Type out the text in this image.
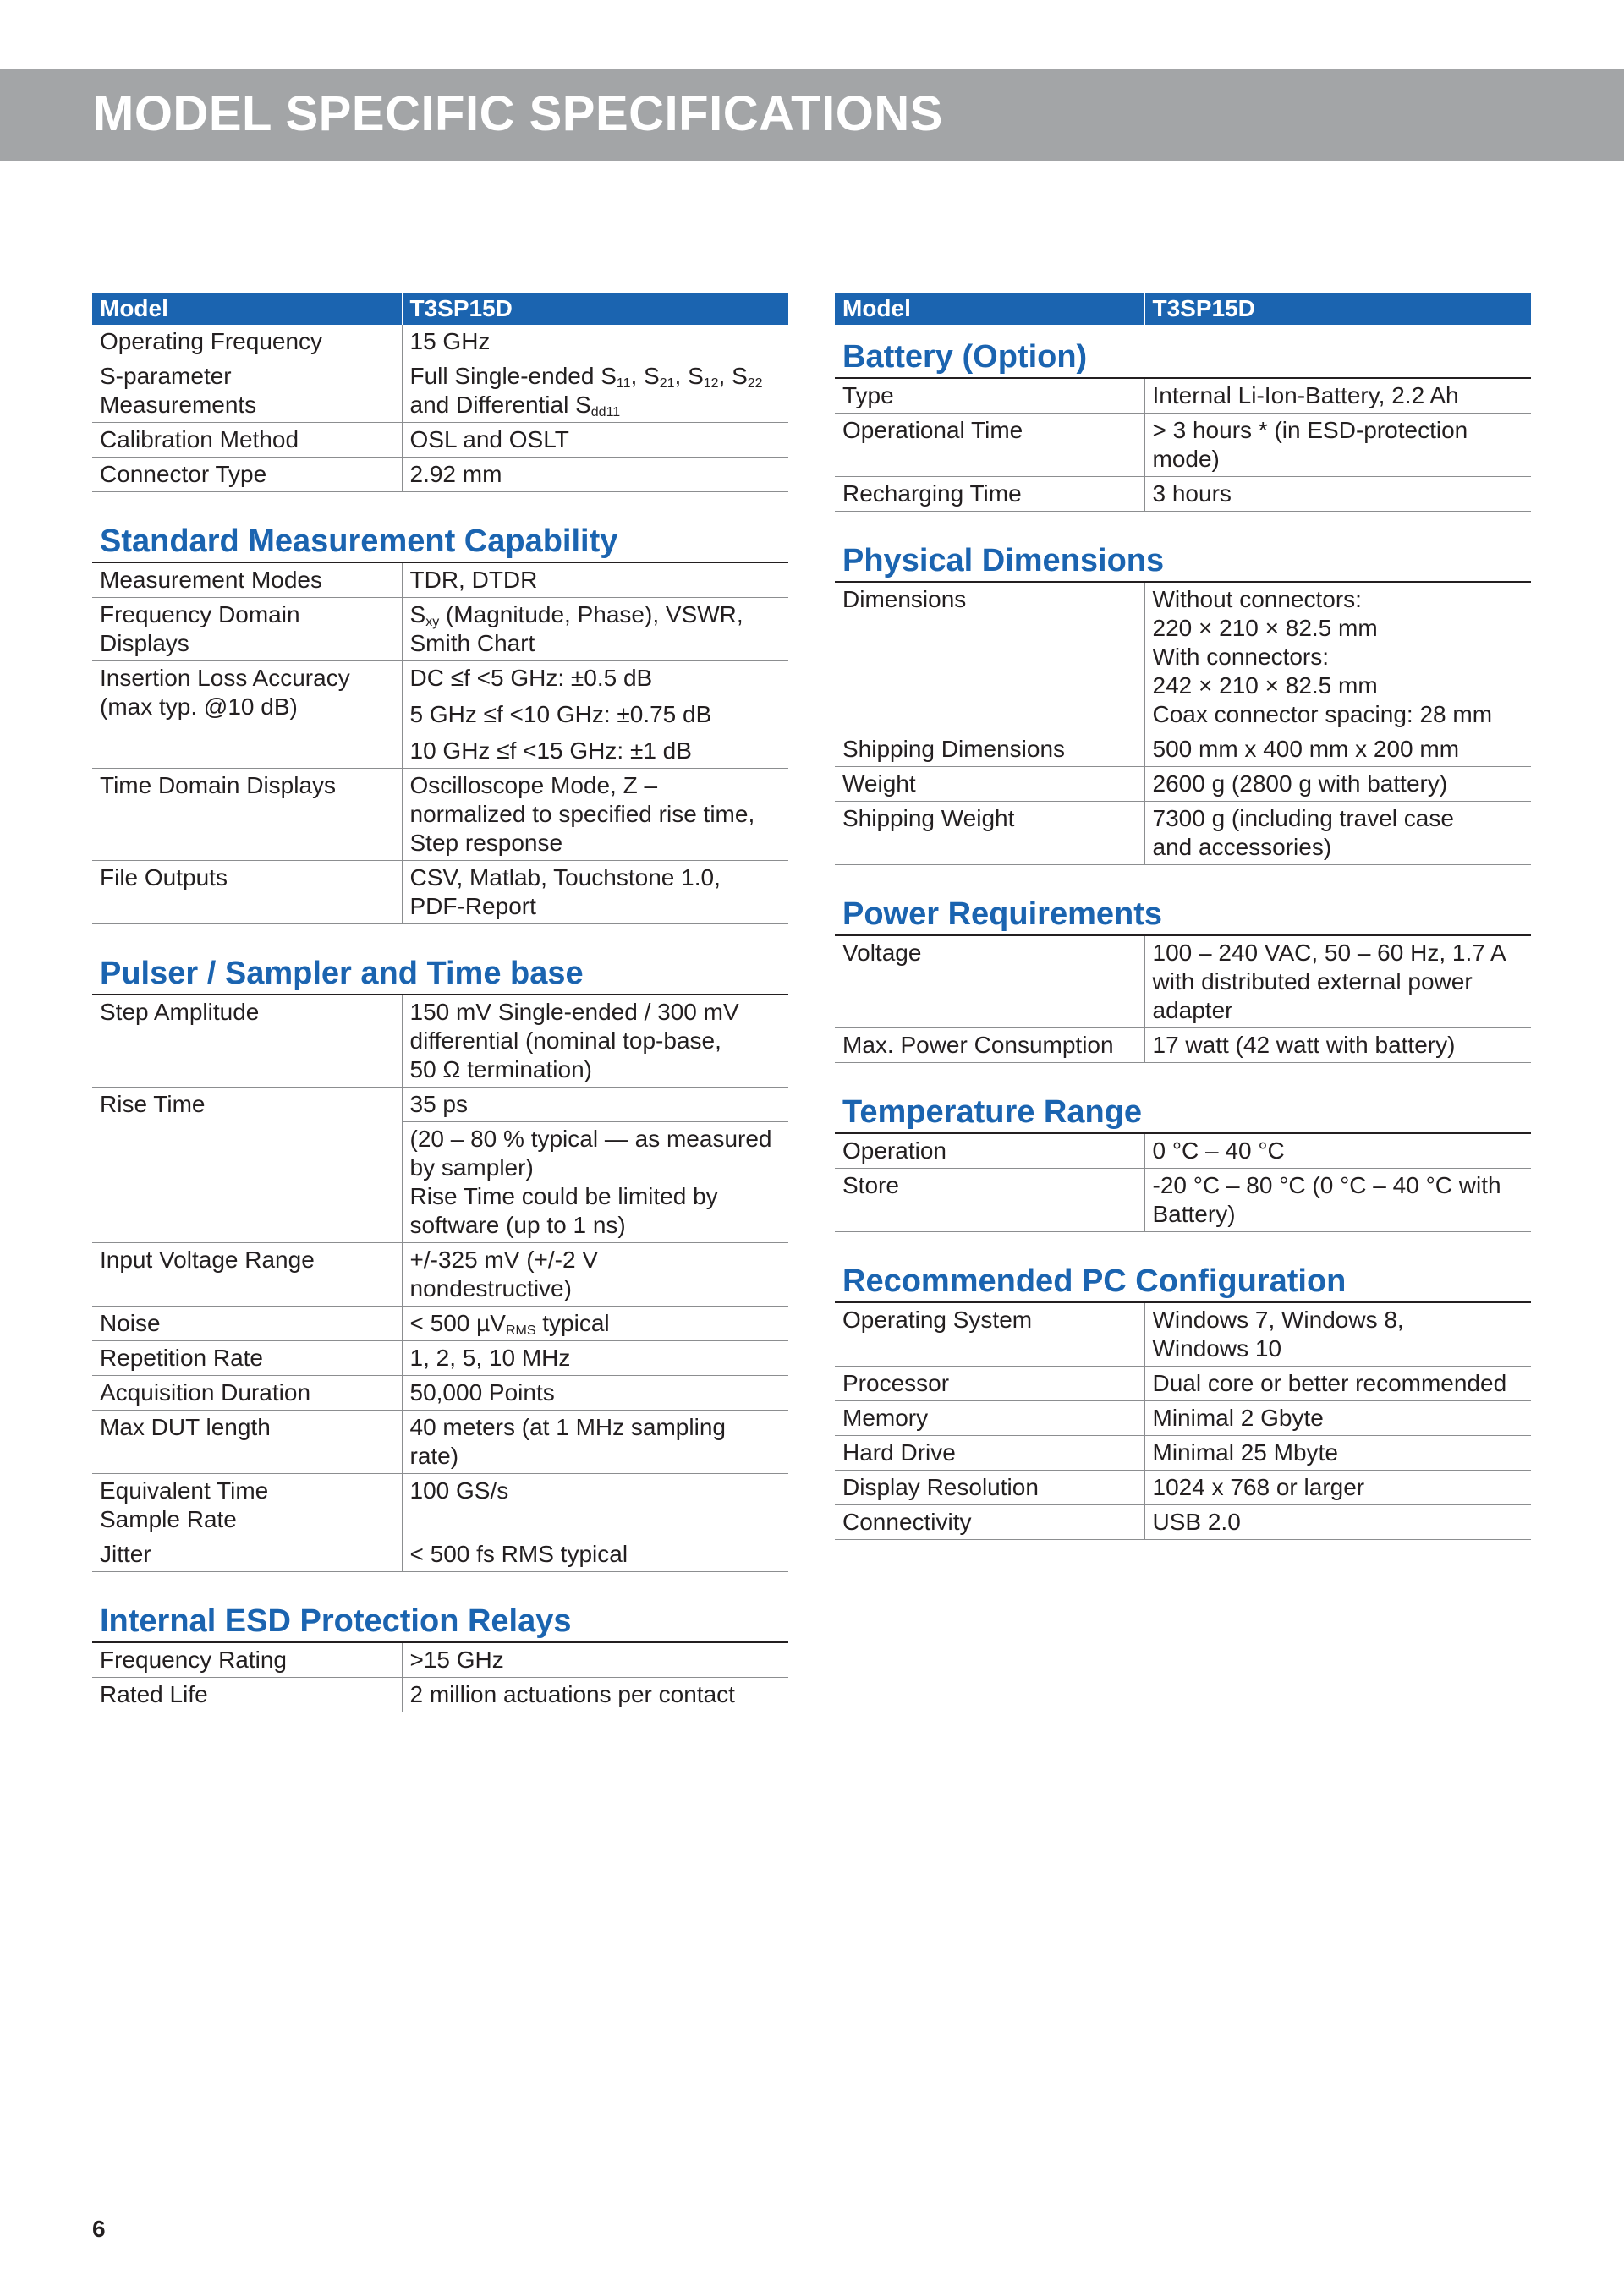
MODEL SPECIFIC SPECIFICATIONS
Model	T3SP15D
Operating Frequency	15 GHz

S-parameter
Measurements	Full Single-ended $S_{11}$, $S_{21}$, $S_{12}$, $S_{22}$
and Differential $S_{dd11}$

Calibration Method	OSL and OSLT
Connector Type	2.92 mm
Standard Measurement Capability
Measurement Modes	TDR, DTDR

Frequency Domain
Displays	$S_{xy}$ (Magnitude, Phase), VSWR,
Smith Chart

Insertion Loss Accuracy
(max typ. @10 dB)	DC ≤f <5 GHz: ±0.5 dB
	5 GHz ≤f <10 GHz: ±0.75 dB
	10 GHz ≤f <15 GHz: ±1 dB
Time Domain Displays	Oscilloscope Mode, Z –
normalized to specified rise time,
Step response

File Outputs	CSV, Matlab, Touchstone 1.0,
PDF-Report
Pulser / Sampler and Time base
Step Amplitude	150 mV Single-ended / 300 mV
differential (nominal top-base,
50 Ω termination)

Rise Time	35 ps

	(20 – 80 % typical — as measured
by sampler)
Rise Time could be limited by
software (up to 1 ns)

Input Voltage Range	+/-325 mV (+/-2 V
nondestructive)

Noise	< 500 µV$_{RMS}$ typical
Repetition Rate	1, 2, 5, 10 MHz
Acquisition Duration	50,000 Points
Max DUT length	40 meters (at 1 MHz sampling
rate)

Equivalent Time
Sample Rate	100 GS/s
Jitter	< 500 fs RMS typical
Internal ESD Protection Relays
Frequency Rating	>15 GHz
Rated Life	2 million actuations per contact
Model	T3SP15D
Battery (Option)
Type	Internal Li-Ion-Battery, 2.2 Ah
Operational Time	> 3 hours * (in ESD-protection
mode)

Recharging Time	3 hours
Physical Dimensions
Dimensions	Without connectors:
220 × 210 × 82.5 mm
With connectors:
242 × 210 × 82.5 mm
Coax connector spacing: 28 mm

Shipping Dimensions	500 mm x 400 mm x 200 mm
Weight	2600 g (2800 g with battery)
Shipping Weight	7300 g (including travel case
and accessories)
Power Requirements
Voltage	100 – 240 VAC, 50 – 60 Hz, 1.7 A
with distributed external power
adapter

Max. Power Consumption	17 watt (42 watt with battery)
Temperature Range
Operation	0 °C – 40 °C
Store	-20 °C – 80 °C (0 °C – 40 °C with
Battery)
Recommended PC Configuration
Operating System	Windows 7, Windows 8,
Windows 10

Processor	Dual core or better recommended
Memory	Minimal 2 Gbyte
Hard Drive	Minimal 25 Mbyte
Display Resolution	1024 x 768 or larger
Connectivity	USB 2.0
6
